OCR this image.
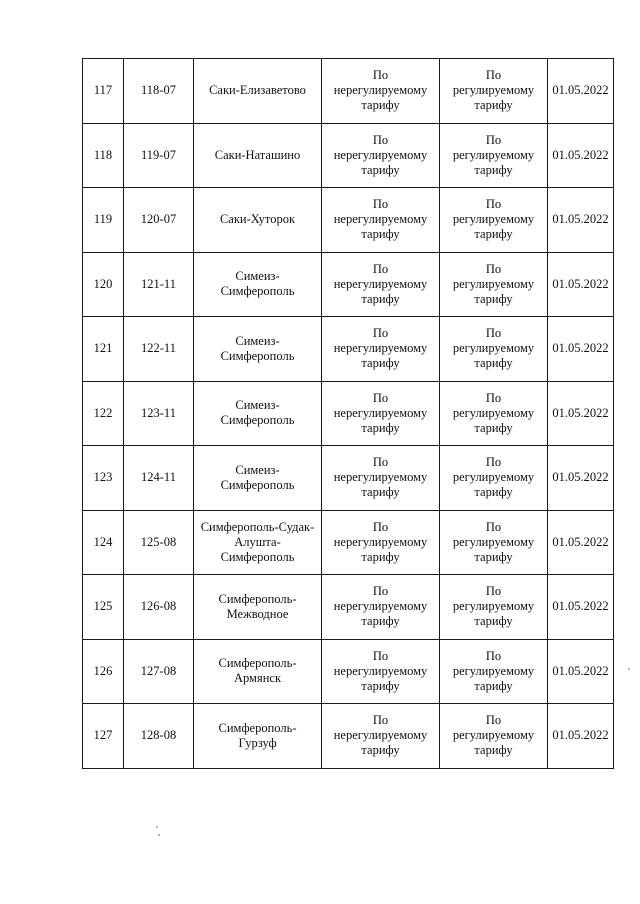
117	118-07	Саки-Елизаветово	По
нерегулируемому
тарифу	По
регулируемому
тарифу	01.05.2022
118	119-07	Саки-Наташино	По
нерегулируемому
тарифу	По
регулируемому
тарифу	01.05.2022
119	120-07	Саки-Хуторок	По
нерегулируемому
тарифу	По
регулируемому
тарифу	01.05.2022
120	121-11	Симеиз-
Симферополь	По
нерегулируемому
тарифу	По
регулируемому
тарифу	01.05.2022
121	122-11	Симеиз-
Симферополь	По
нерегулируемому
тарифу	По
регулируемому
тарифу	01.05.2022
122	123-11	Симеиз-
Симферополь	По
нерегулируемому
тарифу	По
регулируемому
тарифу	01.05.2022
123	124-11	Симеиз-
Симферополь	По
нерегулируемому
тарифу	По
регулируемому
тарифу	01.05.2022
124	125-08	Симферополь-Судак-
Алушта-
Симферополь	По
нерегулируемому
тарифу	По
регулируемому
тарифу	01.05.2022
125	126-08	Симферополь-
Межводное	По
нерегулируемому
тарифу	По
регулируемому
тарифу	01.05.2022
126	127-08	Симферополь-
Армянск	По
нерегулируемому
тарифу	По
регулируемому
тарифу	01.05.2022
127	128-08	Симферополь-
Гурзуф	По
нерегулируемому
тарифу	По
регулируемому
тарифу	01.05.2022
